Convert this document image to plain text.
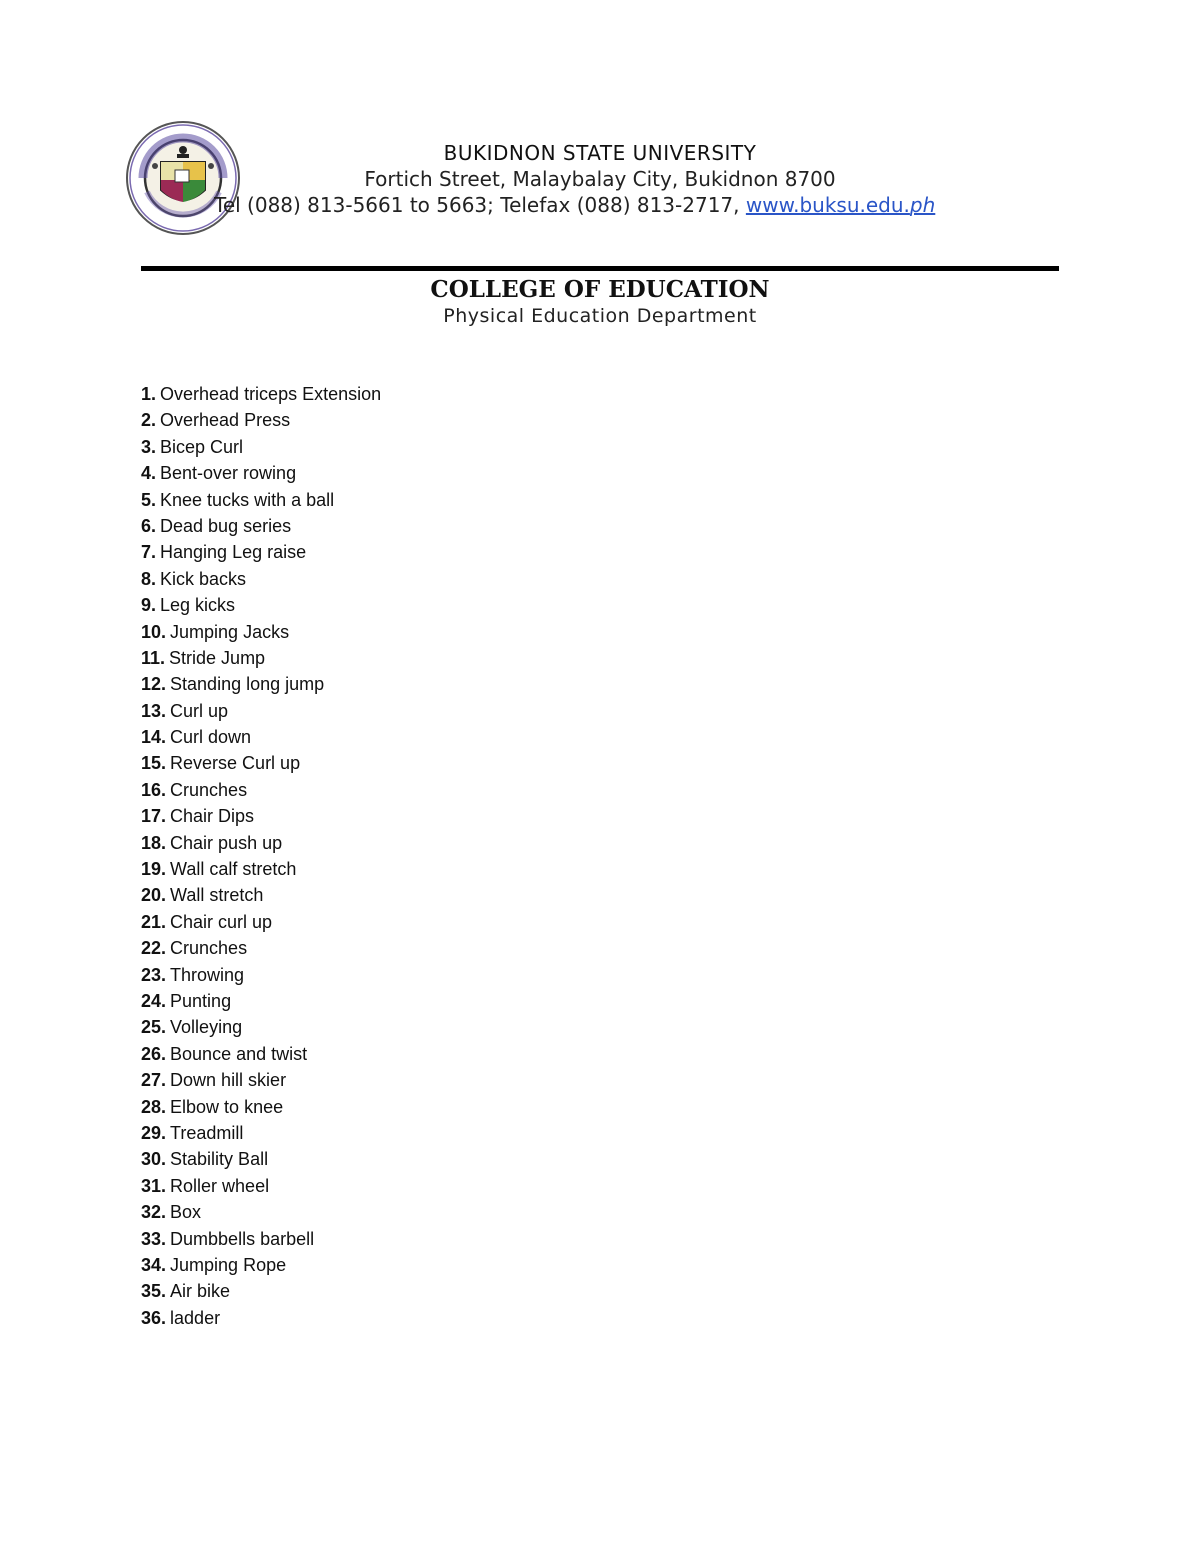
BUKIDNON STATE UNIVERSITY
Fortich Street, Malaybalay City, Bukidnon 8700
Tel (088) 813-5661 to 5663; Telefax (088) 813-2717, www.buksu.edu.ph
COLLEGE OF EDUCATION
Physical Education Department
1. Overhead triceps Extension
2. Overhead Press
3. Bicep Curl
4. Bent-over rowing
5. Knee tucks with a ball
6. Dead bug series
7. Hanging Leg raise
8. Kick backs
9. Leg kicks
10. Jumping Jacks
11. Stride Jump
12. Standing long jump
13. Curl up
14. Curl down
15. Reverse Curl up
16. Crunches
17. Chair Dips
18. Chair push up
19. Wall calf stretch
20. Wall stretch
21. Chair curl up
22. Crunches
23. Throwing
24. Punting
25. Volleying
26. Bounce and twist
27. Down hill skier
28. Elbow to knee
29. Treadmill
30. Stability Ball
31. Roller wheel
32. Box
33. Dumbbells barbell
34. Jumping Rope
35. Air bike
36. ladder
